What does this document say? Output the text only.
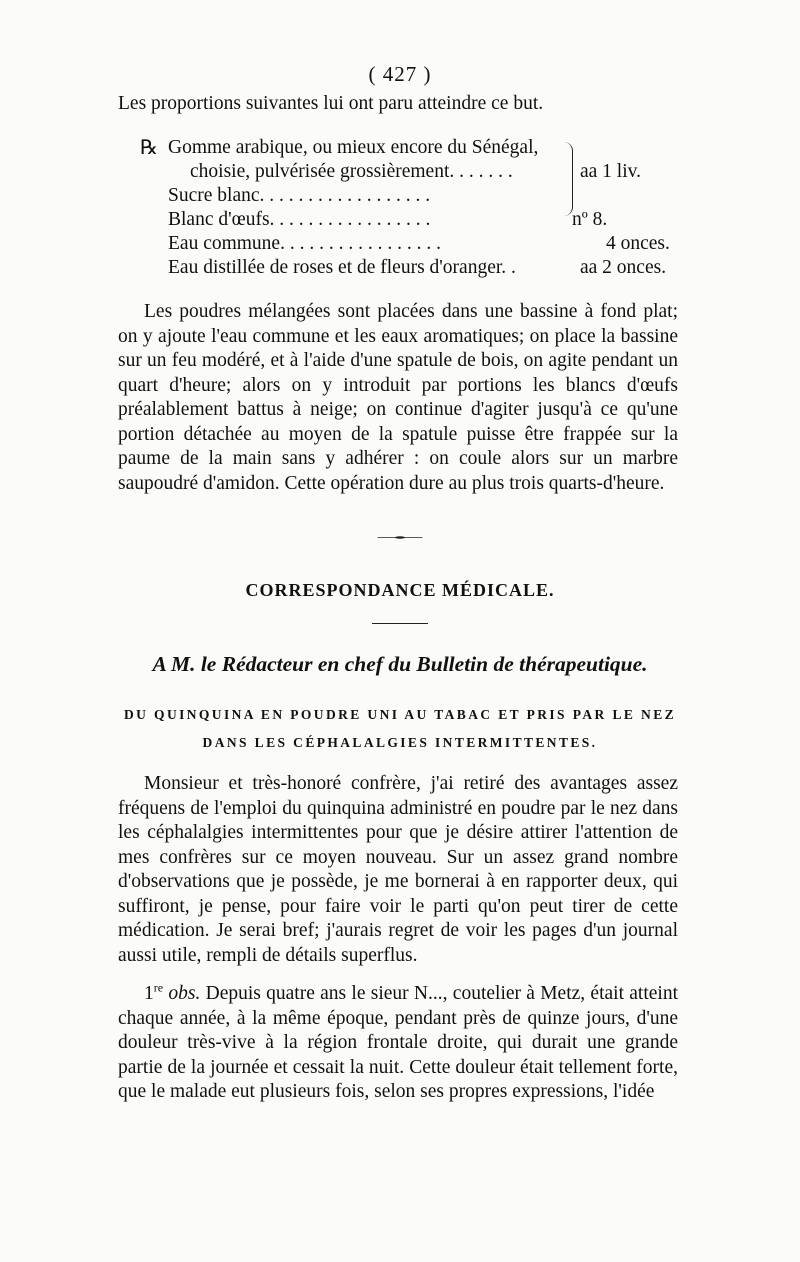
( 427 )
Les proportions suivantes lui ont paru atteindre ce but.
℞ Gomme arabique, ou mieux encore du Sénégal,
choisie, pulvérisée grossièrement. . . . . . .	aa 1 liv.
Sucre blanc. . . . . . . . . . . . . . . . . .
Blanc d'œufs. . . . . . . . . . . . . . . . .	nº 8.
Eau commune. . . . . . . . . . . . . . . . .	4 onces.
Eau distillée de roses et de fleurs d'oranger. .	aa 2 onces.
Les poudres mélangées sont placées dans une bassine à fond plat; on y ajoute l'eau commune et les eaux aromatiques; on place la bassine sur un feu modéré, et à l'aide d'une spatule de bois, on agite pendant un quart d'heure; alors on y introduit par portions les blancs d'œufs préalablement battus à neige; on continue d'agiter jusqu'à ce qu'une portion détachée au moyen de la spatule puisse être frappée sur la paume de la main sans y adhérer : on coule alors sur un marbre saupoudré d'amidon. Cette opération dure au plus trois quarts-d'heure.
CORRESPONDANCE MÉDICALE.
A M. le Rédacteur en chef du Bulletin de thérapeutique.
DU QUINQUINA EN POUDRE UNI AU TABAC ET PRIS PAR LE NEZ
DANS LES CÉPHALALGIES INTERMITTENTES.
Monsieur et très-honoré confrère, j'ai retiré des avantages assez fréquens de l'emploi du quinquina administré en poudre par le nez dans les céphalalgies intermittentes pour que je désire attirer l'attention de mes confrères sur ce moyen nouveau. Sur un assez grand nombre d'observations que je possède, je me bornerai à en rapporter deux, qui suffiront, je pense, pour faire voir le parti qu'on peut tirer de cette médication. Je serai bref; j'aurais regret de voir les pages d'un journal aussi utile, rempli de détails superflus.
1re obs. Depuis quatre ans le sieur N..., coutelier à Metz, était atteint chaque année, à la même époque, pendant près de quinze jours, d'une douleur très-vive à la région frontale droite, qui durait une grande partie de la journée et cessait la nuit. Cette douleur était tellement forte, que le malade eut plusieurs fois, selon ses propres expressions, l'idée
